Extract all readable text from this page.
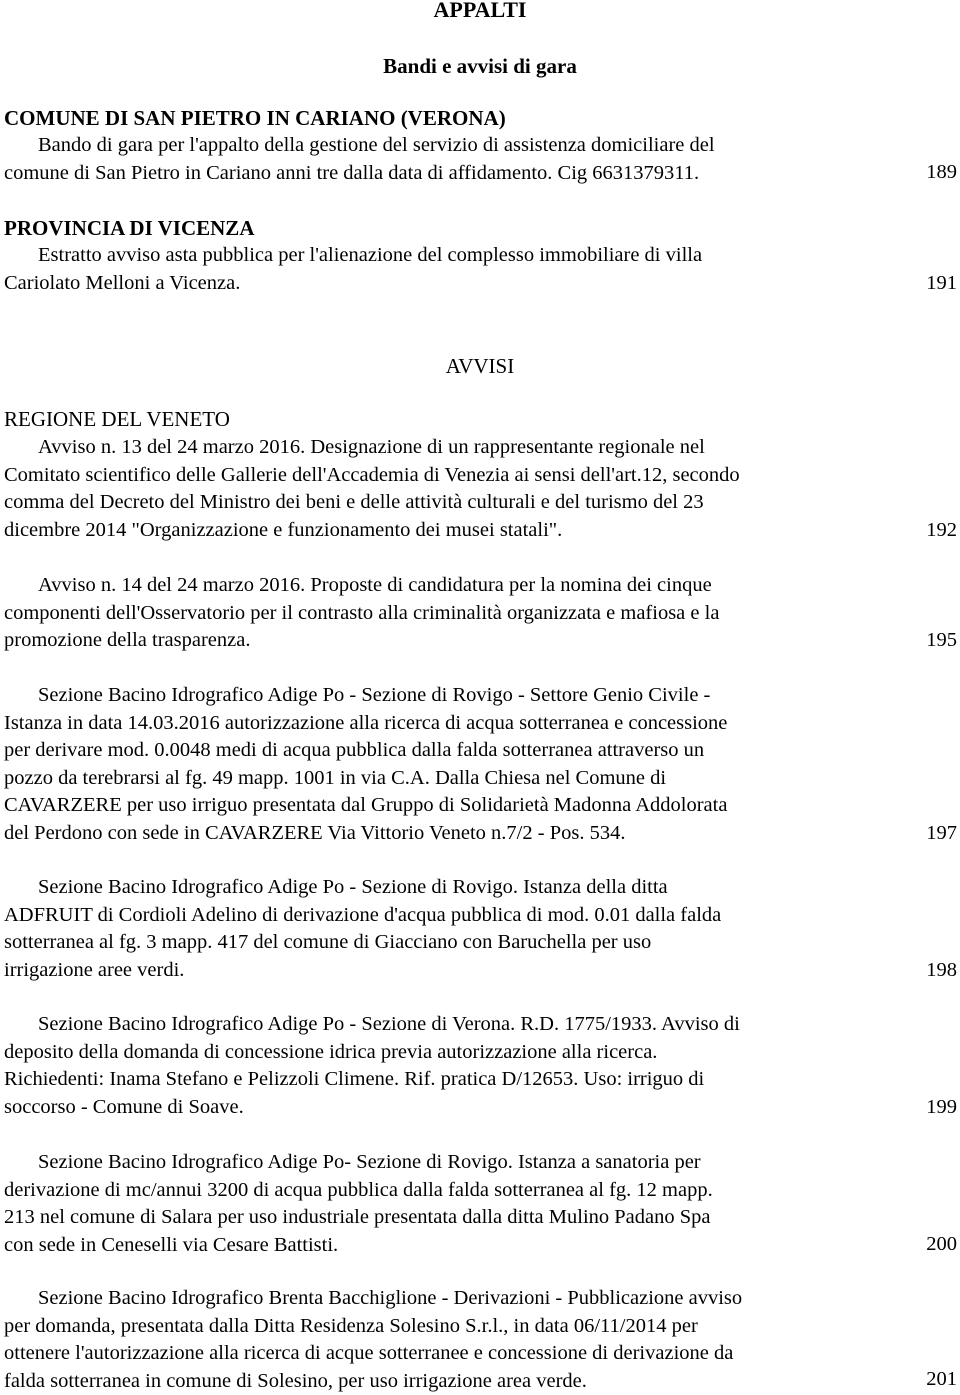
APPALTI
Bandi e avvisi di gara
COMUNE DI SAN PIETRO IN CARIANO (VERONA)
Bando di gara per l'appalto della gestione del servizio di assistenza domiciliare del
comune di San Pietro in Cariano anni tre dalla data di affidamento. Cig 6631379311.	189
PROVINCIA DI VICENZA
Estratto avviso asta pubblica per l'alienazione del complesso immobiliare di villa
Cariolato Melloni a Vicenza.	191
AVVISI
REGIONE DEL VENETO
Avviso n. 13 del 24 marzo 2016. Designazione di un rappresentante regionale nel
Comitato scientifico delle Gallerie dell'Accademia di Venezia ai sensi dell'art.12, secondo
comma del Decreto del Ministro dei beni e delle attività culturali e del turismo del 23
dicembre 2014 "Organizzazione e funzionamento dei musei statali".	192
Avviso n. 14 del 24 marzo 2016. Proposte di candidatura per la nomina dei cinque
componenti dell'Osservatorio per il contrasto alla criminalità organizzata e mafiosa e la
promozione della trasparenza.	195
Sezione Bacino Idrografico Adige Po - Sezione di Rovigo - Settore Genio Civile -
Istanza in data 14.03.2016 autorizzazione alla ricerca di acqua sotterranea e concessione
per derivare mod. 0.0048 medi di acqua pubblica dalla falda sotterranea attraverso un
pozzo da terebrarsi al fg. 49 mapp. 1001 in via C.A. Dalla Chiesa nel Comune di
CAVARZERE per uso irriguo presentata dal Gruppo di Solidarietà Madonna Addolorata
del Perdono con sede in CAVARZERE Via Vittorio Veneto n.7/2 - Pos. 534.	197
Sezione Bacino Idrografico Adige Po - Sezione di Rovigo. Istanza della ditta
ADFRUIT di Cordioli Adelino di derivazione d'acqua pubblica di mod. 0.01 dalla falda
sotterranea al fg. 3 mapp. 417 del comune di Giacciano con Baruchella per uso
irrigazione aree verdi.	198
Sezione Bacino Idrografico Adige Po - Sezione di Verona. R.D. 1775/1933. Avviso di
deposito della domanda di concessione idrica previa autorizzazione alla ricerca.
Richiedenti: Inama Stefano e Pelizzoli Climene. Rif. pratica D/12653. Uso: irriguo di
soccorso - Comune di Soave.	199
Sezione Bacino Idrografico Adige Po- Sezione di Rovigo. Istanza a sanatoria per
derivazione di mc/annui 3200 di acqua pubblica dalla falda sotterranea al fg. 12 mapp.
213 nel comune di Salara per uso industriale presentata dalla ditta Mulino Padano Spa
con sede in Ceneselli via Cesare Battisti.	200
Sezione Bacino Idrografico Brenta Bacchiglione - Derivazioni - Pubblicazione avviso
per domanda, presentata dalla Ditta Residenza Solesino S.r.l., in data 06/11/2014 per
ottenere l'autorizzazione alla ricerca di acque sotterranee e concessione di derivazione da
falda sotterranea in comune di Solesino, per uso irrigazione area verde.	201
